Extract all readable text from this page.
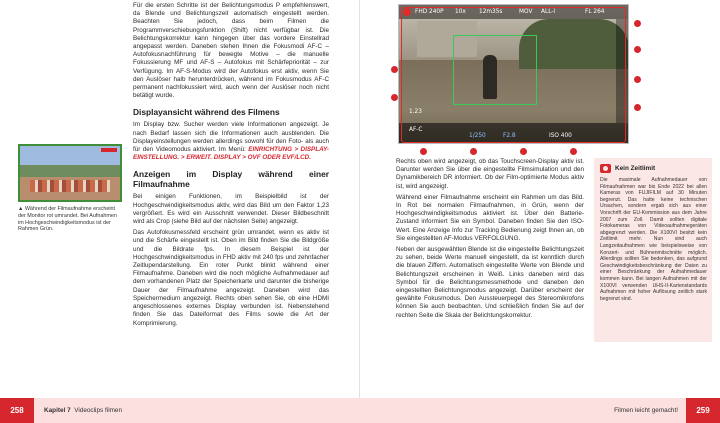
Für die ersten Schritte ist der Belichtungsmodus P empfehlenswert, da Blende und Belichtungszeit automatisch eingestellt werden. Beachten Sie jedoch, dass beim Filmen die Programmverschiebungsfunktion (Shift) nicht verfügbar ist. Die Belichtungskorrektur kann hingegen über das vordere Einstellrad angepasst werden. Daneben stehen Ihnen die Fokusmodi AF-C – Autofokusnachführung für bewegte Motive – die manuelle Fokussierung MF und AF-S – Autofokus mit Schärfepriorität – zur Verfügung. Im AF-S-Modus wird der Autofokus erst aktiv, wenn Sie den Auslöser halb herunterdrücken, während im Fokusmodus AF-C permanent nachfokussiert wird, auch wenn der Auslöser noch nicht betätigt wurde.

Displayansicht während des Filmens

Im Display bzw. Sucher werden viele Informationen angezeigt. Je nach Bedarf lassen sich die Informationen auch ausblenden. Die Displayeinstellungen werden allerdings sowohl für den Foto- als auch für den Videomodus aktiviert. Im Menü: EINRICHTUNG > DISPLAY-EINSTELLUNG. > ERWEIT. DISPLAY > OVF ODER EVF/LCD.

Anzeigen im Display während einer Filmaufnahme

Bei einigen Funktionen, im Beispielbild ist der Hochgeschwindigkeitsmodus aktiv, wird das Bild um den Faktor 1,23 vergrößert. Es wird ein Ausschnitt verwendet. Dieser Bildbeschnitt wird als Crop (siehe Bild auf der nächsten Seite) angezeigt.

Das Autofokusmessfeld erscheint grün umrandet, wenn es aktiv ist und die Schärfe eingestellt ist. Oben im Bild finden Sie die Bildgröße und die Bildrate fps. In diesem Beispiel ist der Hochgeschwindigkeitsmodus in FHD aktiv mit 240 fps und zehnfacher Zeitlupendarstellung. Ein roter Punkt blinkt während einer Filmaufnahme. Daneben wird die noch mögliche Aufnahmedauer auf dem vorhandenen Platz der Speicherkarte und darunter die bisherige Dauer der Filmaufnahme angezeigt. Daneben wird das Speichermedium angezeigt. Rechts oben sehen Sie, ob eine HDMI angeschlossenes externes Display verbunden ist. Nebenstehend finden Sie das Dateiformat des Films sowie die Art der Komprimierung.

▲ Während der Filmaufnahme erscheint der Monitor rot umrandet. Bei Aufnahmen im Hochgeschwindigkeitsmodus ist der Rahmen Grün.
FHD 240P 10x 12m35s	MOV ALL-I	FL 264
1.23
AF-C
1/250	F2.8	ISO 400

Rechts oben wird angezeigt, ob das Touchscreen-Display aktiv ist. Darunter werden Sie über die eingestellte Filmsimulation und den Dynamikbereich DR informiert. Ob der Film-optimierte Modus aktiv ist, wird angezeigt.

Während einer Filmaufnahme erscheint ein Rahmen um das Bild. In Rot bei normalen Filmaufnahmen, in Grün, wenn der Hochgeschwindigkeitsmodus aktiviert ist. Über den Batterie-Zustand informiert Sie ein Symbol. Daneben finden Sie den ISO-Wert. Eine Anzeige Info zur Tracking Bedienung zeigt Ihnen an, ob Sie eingestellten AF-Modus VERFOLGUNG.

Neben der ausgewählten Blende ist die eingestellte Belichtungszeit zu sehen, beide Werte manuell eingestellt, da ist kenntlich durch die blauen Ziffern. Automatisch eingestellte Werte von Blende und Belichtungszeit erscheinen in Weiß. Links daneben wird das Symbol für die Belichtungsmessmethode und daneben den eingestellten Belichtungsmodus angezeigt. Darüber erscheint der gewählte Fokusmodus. Den Aussteuerpegel des Stereomikrofons können Sie auch beobachten. Und schließlich finden Sie auf der rechten Seite die Skala der Belichtungskorrektur.

Kein Zeitlimit
Die maximale Aufnahmedauer von Filmaufnahmen war bis Ende 2022 bei allen Kameras von FUJIFILM auf 30 Minuten begrenzt. Das hatte keine technischen Ursachen, sondern ergab sich aus einer Vorschrift der EU-Kommission aus dem Jahre 2007 zum Zoll. Damit sollten digitale Fotokameras von Videoaufnahmegeräten abgegrenzt werden. Die X100VI besitzt kein Zeitlimit mehr. Nun sind auch Langzeitaufnahmen wie beispielsweise von Konzert- und Bühnenmitschnitte möglich. Allerdings sollten Sie bedenken, das aufgrund Geschwindigkeitsbeschränkung der Daten zu einer Beschränkung der Aufnahmedauer kommen kann. Bei langen Aufnahmen mit der X100VI verwenden UHS-II-Kartenstandards Aufnahmen mit hoher Auflösung zeitlich stark begrenzt sind.
258	Kapitel 7 Videoclips filmen	Filmen leicht gemacht!	259
